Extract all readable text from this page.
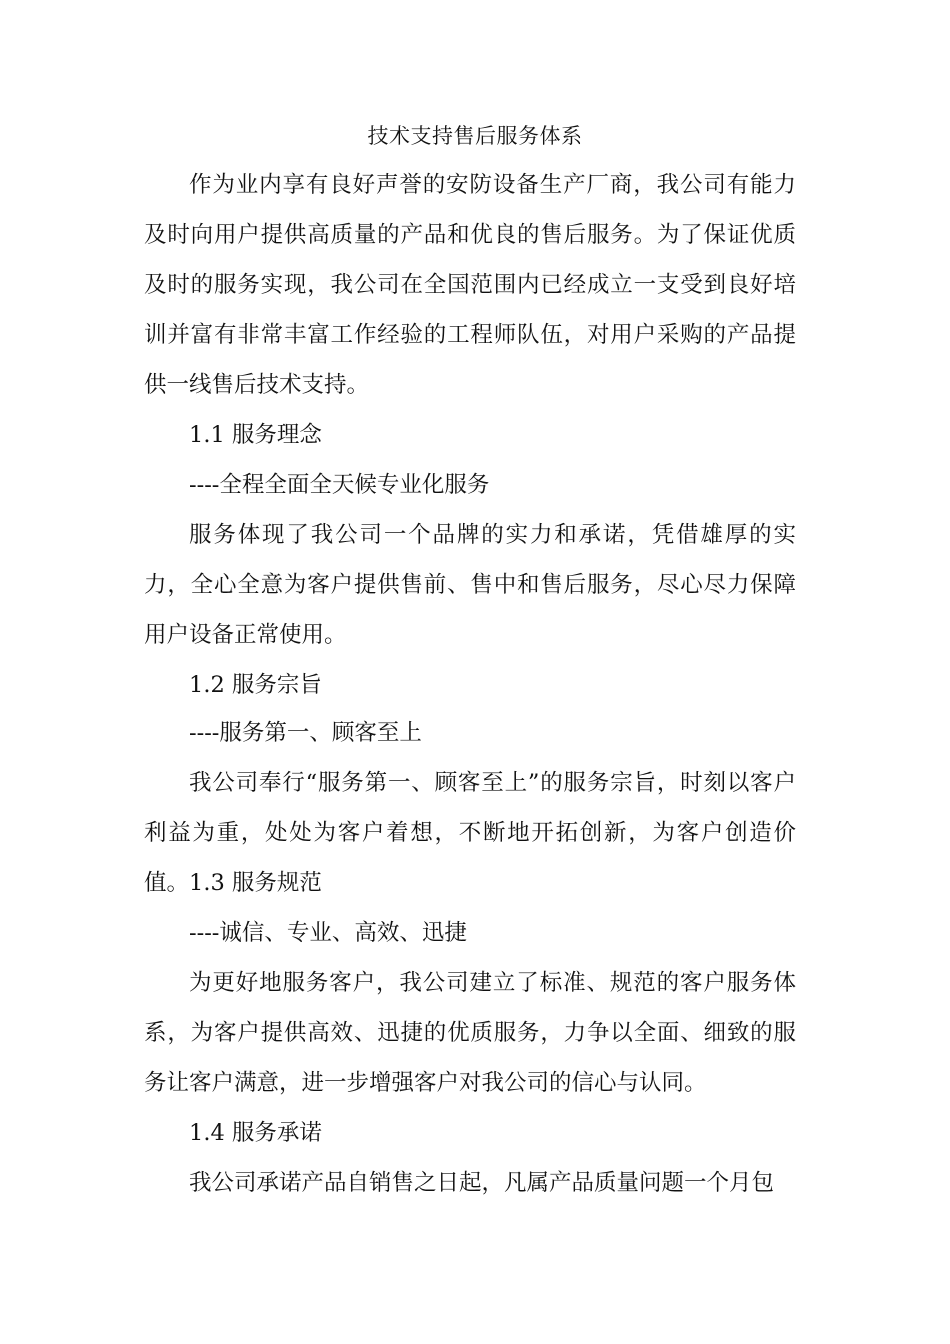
技术支持售后服务体系

作为业内享有良好声誉的安防设备生产厂商，我公司有能力及时向用户提供高质量的产品和优良的售后服务。为了保证优质及时的服务实现，我公司在全国范围内已经成立一支受到良好培训并富有非常丰富工作经验的工程师队伍，对用户采购的产品提供一线售后技术支持。

1.1 服务理念

----全程全面全天候专业化服务

服务体现了我公司一个品牌的实力和承诺，凭借雄厚的实力，全心全意为客户提供售前、售中和售后服务，尽心尽力保障用户设备正常使用。

1.2 服务宗旨

----服务第一、顾客至上

我公司奉行“服务第一、顾客至上”的服务宗旨，时刻以客户利益为重，处处为客户着想，不断地开拓创新，为客户创造价值。 1.3 服务规范

----诚信、专业、高效、迅捷

为更好地服务客户，我公司建立了标准、规范的客户服务体系，为客户提供高效、迅捷的优质服务，力争以全面、细致的服务让客户满意，进一步增强客户对我公司的信心与认同。

1.4 服务承诺

我公司承诺产品自销售之日起，凡属产品质量问题一个月包
